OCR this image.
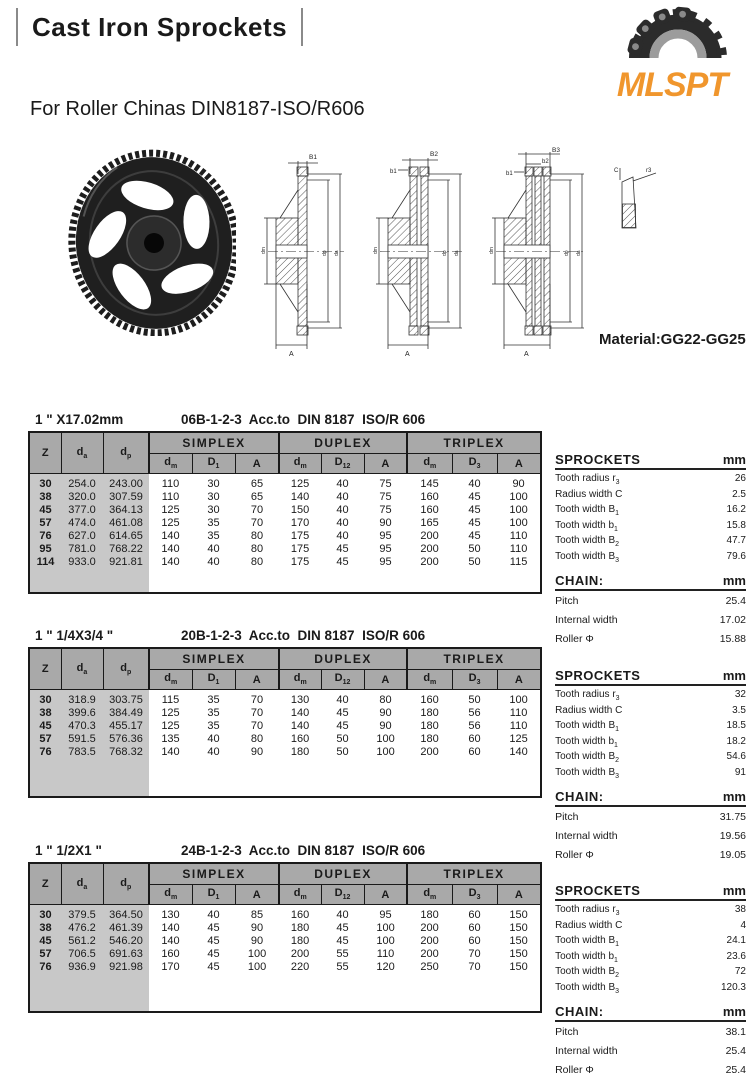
Cast Iron Sprockets
MLSPT
For Roller Chinas DIN8187-ISO/R606
B1
A
dm	dp da
B2
b1
A
dm	dp da
B3
b2
b1
A
dm	dp da
C	r3
Material:GG22-GG25

1 " X17.02mm

	06B-1-2-3  Acc.to  DIN 8187  ISO/R 606

Z	$d_a$	$d_p$	SIMPLEX			DUPLEX			TRIPLEX		
			$d_m$	$D_1$	A	$d_m$	$D_{12}$	A	$d_m$	$D_3$	A
30	254.0	243.00	110	30	65	125	40	75	145	40	90
38	320.0	307.59	110	30	65	140	40	75	160	45	100
45	377.0	364.13	125	30	70	150	40	75	160	45	100
57	474.0	461.08	125	35	70	170	40	90	165	45	100
76	627.0	614.65	140	35	80	175	40	95	200	45	110
95	781.0	768.22	140	40	80	175	45	95	200	50	110
114	933.0	921.81	140	40	80	175	45	95	200	50	115

SPROCKETS	mm
Tooth radius $r_3$	26
Radius width C	2.5
Tooth width $B_1$	16.2
Tooth width $b_1$	15.8
Tooth width $B_2$	47.7
Tooth width $B_3$	79.6
CHAIN:	mm
Pitch	25.4
Internal width	17.02
Roller Φ	15.88

1 " 1/4X3/4 "

	20B-1-2-3  Acc.to  DIN 8187  ISO/R 606

Z	$d_a$	$d_p$	SIMPLEX			DUPLEX			TRIPLEX		
			$d_m$	$D_1$	A	$d_m$	$D_{12}$	A	$d_m$	$D_3$	A
30	318.9	303.75	115	35	70	130	40	80	160	50	100
38	399.6	384.49	125	35	70	140	45	90	180	56	110
45	470.3	455.17	125	35	70	140	45	90	180	56	110
57	591.5	576.36	135	40	80	160	50	100	180	60	125
76	783.5	768.32	140	40	90	180	50	100	200	60	140

SPROCKETS	mm
Tooth radius $r_3$	32
Radius width C	3.5
Tooth width $B_1$	18.5
Tooth width $b_1$	18.2
Tooth width $B_2$	54.6
Tooth width $B_3$	91
CHAIN:	mm
Pitch	31.75
Internal width	19.56
Roller Φ	19.05

1 " 1/2X1 "

	24B-1-2-3  Acc.to  DIN 8187  ISO/R 606

Z	$d_a$	$d_p$	SIMPLEX			DUPLEX			TRIPLEX		
			$d_m$	$D_1$	A	$d_m$	$D_{12}$	A	$d_m$	$D_3$	A
30	379.5	364.50	130	40	85	160	40	95	180	60	150
38	476.2	461.39	140	45	90	180	45	100	200	60	150
45	561.2	546.20	140	45	90	180	45	100	200	60	150
57	706.5	691.63	160	45	100	200	55	110	200	70	150
76	936.9	921.98	170	45	100	220	55	120	250	70	150

SPROCKETS	mm
Tooth radius $r_3$	38
Radius width C	4
Tooth width $B_1$	24.1
Tooth width $b_1$	23.6
Tooth width $B_2$	72
Tooth width $B_3$	120.3
CHAIN:	mm
Pitch	38.1
Internal width	25.4
Roller Φ	25.4
